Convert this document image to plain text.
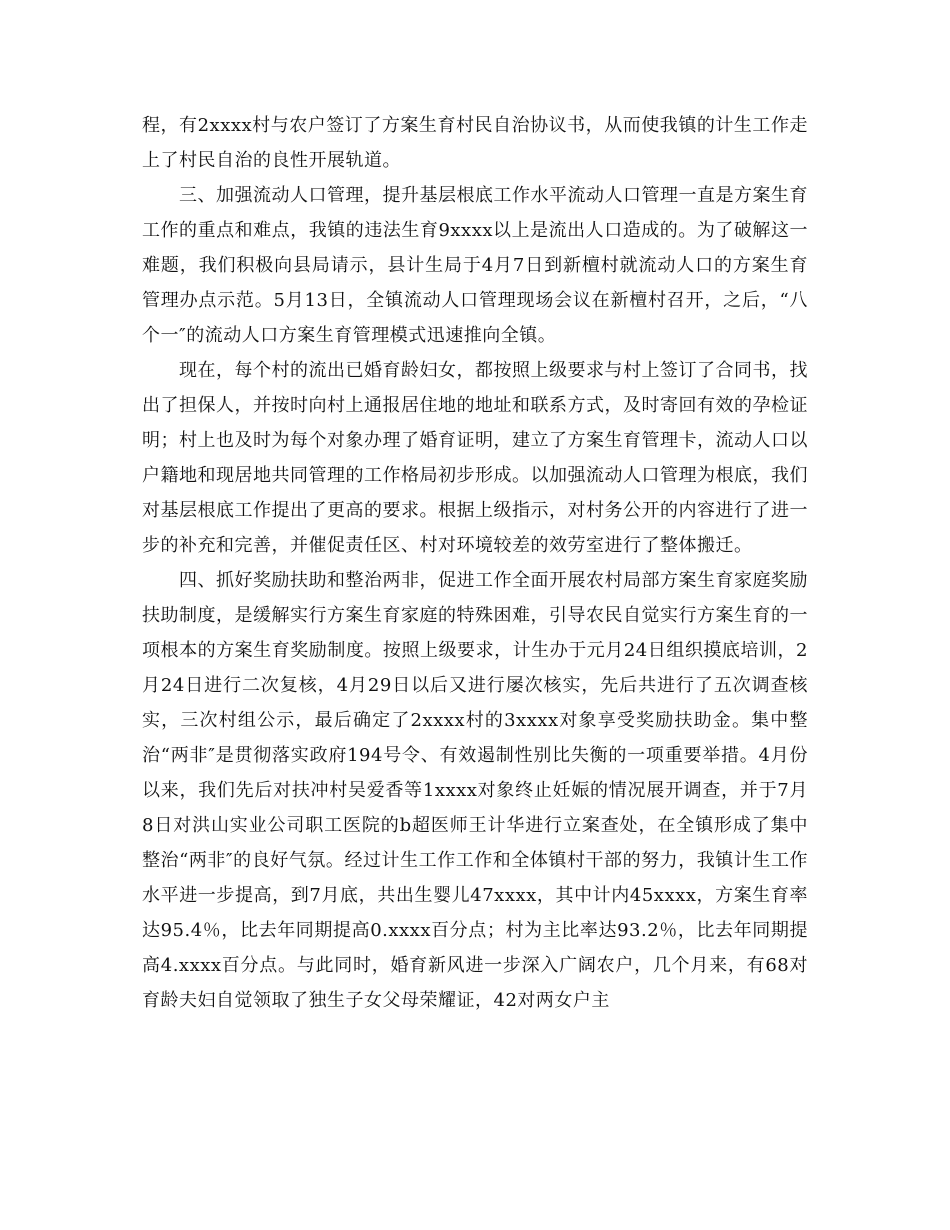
程，有2xxxx村与农户签订了方案生育村民自治协议书，从而使我镇的计生工作走上了村民自治的良性开展轨道。

三、加强流动人口管理，提升基层根底工作水平流动人口管理一直是方案生育工作的重点和难点，我镇的违法生育9xxxx以上是流出人口造成的。为了破解这一难题，我们积极向县局请示，县计生局于4月7日到新檀村就流动人口的方案生育管理办点示范。5月13日，全镇流动人口管理现场会议在新檀村召开，之后，“八个一″的流动人口方案生育管理模式迅速推向全镇。

现在，每个村的流出已婚育龄妇女，都按照上级要求与村上签订了合同书，找出了担保人，并按时向村上通报居住地的地址和联系方式，及时寄回有效的孕检证明；村上也及时为每个对象办理了婚育证明，建立了方案生育管理卡，流动人口以户籍地和现居地共同管理的工作格局初步形成。以加强流动人口管理为根底，我们对基层根底工作提出了更高的要求。根据上级指示，对村务公开的内容进行了进一步的补充和完善，并催促责任区、村对环境较差的效劳室进行了整体搬迁。

四、抓好奖励扶助和整治两非，促进工作全面开展农村局部方案生育家庭奖励扶助制度，是缓解实行方案生育家庭的特殊困难，引导农民自觉实行方案生育的一项根本的方案生育奖励制度。按照上级要求，计生办于元月24日组织摸底培训，2月24日进行二次复核，4月29日以后又进行屡次核实，先后共进行了五次调查核实，三次村组公示，最后确定了2xxxx村的3xxxx对象享受奖励扶助金。集中整治“两非″是贯彻落实政府194号令、有效遏制性别比失衡的一项重要举措。4月份以来，我们先后对扶冲村吴爱香等1xxxx对象终止妊娠的情况展开调查，并于7月8日对洪山实业公司职工医院的b超医师王计华进行立案查处，在全镇形成了集中整治“两非″的良好气氛。经过计生工作工作和全体镇村干部的努力，我镇计生工作水平进一步提高，到7月底，共出生婴儿47xxxx，其中计内45xxxx，方案生育率达95.4％，比去年同期提高0.xxxx百分点；村为主比率达93.2％，比去年同期提高4.xxxx百分点。与此同时，婚育新风进一步深入广阔农户，几个月来，有68对育龄夫妇自觉领取了独生子女父母荣耀证，42对两女户主
